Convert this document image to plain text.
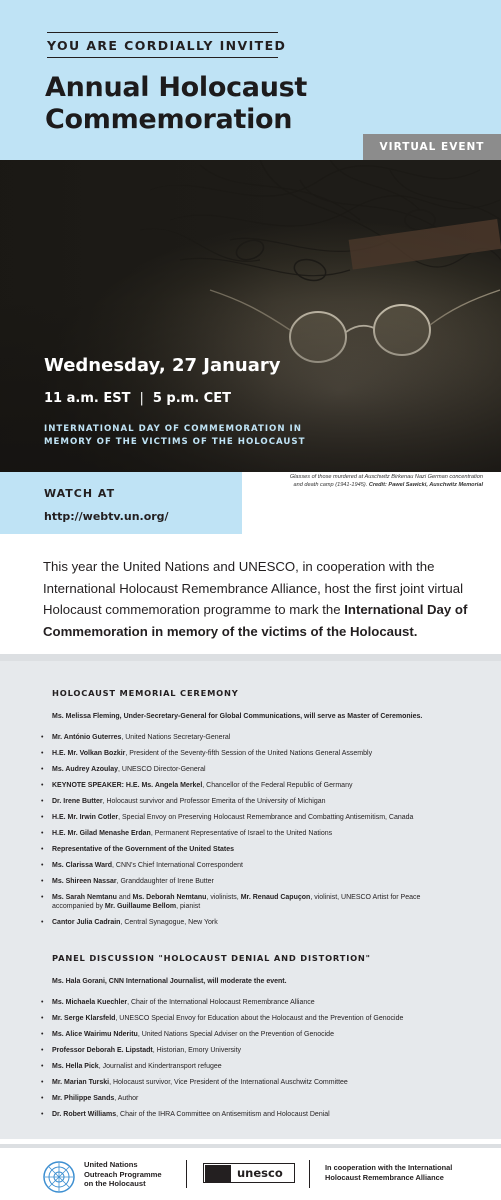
YOU ARE CORDIALLY INVITED
Annual Holocaust
Commemoration
VIRTUAL EVENT
Wednesday, 27 January
11 a.m. EST | 5 p.m. CET
INTERNATIONAL DAY OF COMMEMORATION IN
MEMORY OF THE VICTIMS OF THE HOLOCAUST
WATCH AT
http://webtv.un.org/
Glasses of those murdered at Auschwitz Birkenau Nazi German concentration
and death camp (1941-1945). Credit: Pawel Sawicki, Auschwitz Memorial
This year the United Nations and UNESCO, in cooperation with the International Holocaust Remembrance Alliance, host the first joint virtual Holocaust commemoration programme to mark the International Day of Commemoration in memory of the victims of the Holocaust.
HOLOCAUST MEMORIAL CEREMONY
Ms. Melissa Fleming, Under-Secretary-General for Global Communications, will serve as Master of Ceremonies.
• Mr. António Guterres, United Nations Secretary-General
• H.E. Mr. Volkan Bozkir, President of the Seventy-fifth Session of the United Nations General Assembly
• Ms. Audrey Azoulay, UNESCO Director-General
• KEYNOTE SPEAKER: H.E. Ms. Angela Merkel, Chancellor of the Federal Republic of Germany
• Dr. Irene Butter, Holocaust survivor and Professor Emerita of the University of Michigan
• H.E. Mr. Irwin Cotler, Special Envoy on Preserving Holocaust Remembrance and Combatting Antisemitism, Canada
• H.E. Mr. Gilad Menashe Erdan, Permanent Representative of Israel to the United Nations
• Representative of the Government of the United States
• Ms. Clarissa Ward, CNN's Chief International Correspondent
• Ms. Shireen Nassar, Granddaughter of Irene Butter
• Ms. Sarah Nemtanu and Ms. Deborah Nemtanu, violinists, Mr. Renaud Capuçon, violinist, UNESCO Artist for Peace
accompanied by Mr. Guillaume Bellom, pianist
• Cantor Julia Cadrain, Central Synagogue, New York
PANEL DISCUSSION "HOLOCAUST DENIAL AND DISTORTION"
Ms. Hala Gorani, CNN International Journalist, will moderate the event.
• Ms. Michaela Kuechler, Chair of the International Holocaust Remembrance Alliance
• Mr. Serge Klarsfeld, UNESCO Special Envoy for Education about the Holocaust and the Prevention of Genocide
• Ms. Alice Wairimu Nderitu, United Nations Special Adviser on the Prevention of Genocide
• Professor Deborah E. Lipstadt, Historian, Emory University
• Ms. Hella Pick, Journalist and Kindertransport refugee
• Mr. Marian Turski, Holocaust survivor, Vice President of the International Auschwitz Committee
• Mr. Philippe Sands, Author
• Dr. Robert Williams, Chair of the IHRA Committee on Antisemitism and Holocaust Denial
United Nations
Outreach Programme
on the Holocaust
unesco	In cooperation with the International
Holocaust Remembrance Alliance
